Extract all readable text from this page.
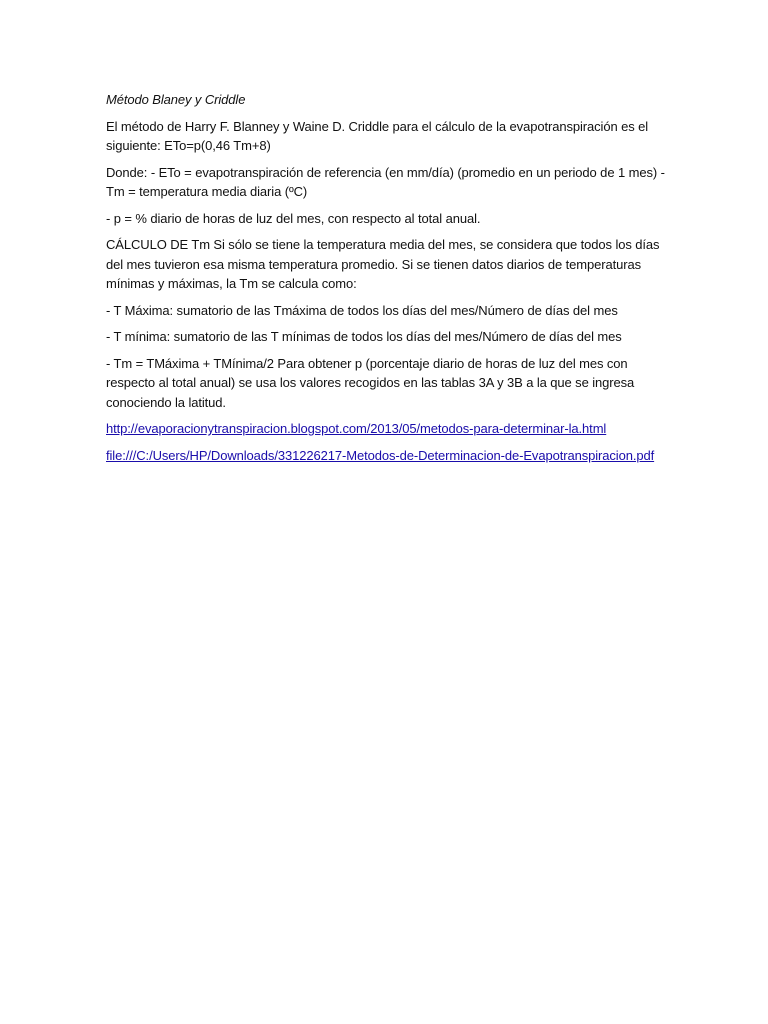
Método Blaney y Criddle
El método de Harry F. Blanney y Waine D. Criddle para el cálculo de la evapotranspiración es el siguiente: ETo=p(0,46 Tm+8)
Donde: - ETo = evapotranspiración de referencia (en mm/día) (promedio en un periodo de 1 mes) - Tm = temperatura media diaria (ºC)
- p = % diario de horas de luz del mes, con respecto al total anual.
CÁLCULO DE Tm Si sólo se tiene la temperatura media del mes, se considera que todos los días del mes tuvieron esa misma temperatura promedio. Si se tienen datos diarios de temperaturas mínimas y máximas, la Tm se calcula como:
- T Máxima: sumatorio de las Tmáxima de todos los días del mes/Número de días del mes
- T mínima: sumatorio de las T mínimas de todos los días del mes/Número de días del mes
- Tm = TMáxima + TMínima/2 Para obtener p (porcentaje diario de horas de luz del mes con respecto al total anual) se usa los valores recogidos en las tablas 3A y 3B a la que se ingresa conociendo la latitud.
http://evaporacionytranspiracion.blogspot.com/2013/05/metodos-para-determinar-la.html
file:///C:/Users/HP/Downloads/331226217-Metodos-de-Determinacion-de-Evapotranspiracion.pdf
